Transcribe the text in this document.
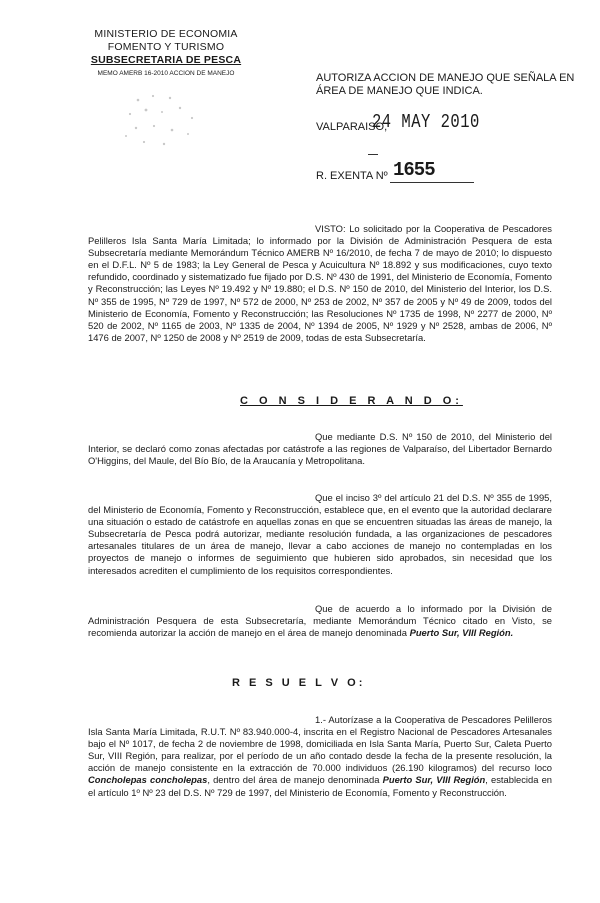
MINISTERIO DE ECONOMIA
FOMENTO Y TURISMO
SUBSECRETARIA DE PESCA
MEMO AMERB 16-2010 ACCION DE MANEJO	AUTORIZA ACCION DE MANEJO QUE SEÑALA EN ÁREA DE MANEJO QUE INDICA.
VALPARAISO,
24 MAY 2010
R. EXENTA Nº 1655
VISTO: Lo solicitado por la Cooperativa de Pescadores Pelilleros Isla Santa María Limitada; lo informado por la División de Administración Pesquera de esta Subsecretaría mediante Memorándum Técnico AMERB Nº 16/2010, de fecha 7 de mayo de 2010; lo dispuesto en el D.F.L. Nº 5 de 1983; la Ley General de Pesca y Acuicultura Nº 18.892 y sus modificaciones, cuyo texto refundido, coordinado y sistematizado fue fijado por D.S. Nº 430 de 1991, del Ministerio de Economía, Fomento y Reconstrucción; las Leyes Nº 19.492 y Nº 19.880; el D.S. Nº 150 de 2010, del Ministerio del Interior, los D.S. Nº 355 de 1995, Nº 729 de 1997, Nº 572 de 2000, Nº 253 de 2002, Nº 357 de 2005 y Nº 49 de 2009, todos del Ministerio de Economía, Fomento y Reconstrucción; las Resoluciones Nº 1735 de 1998, Nº 2277 de 2000, Nº 520 de 2002, Nº 1165 de 2003, Nº 1335 de 2004, Nº 1394 de 2005, Nº 1929 y Nº 2528, ambas de 2006, Nº 1476 de 2007, Nº 1250 de 2008 y Nº 2519 de 2009, todas de esta Subsecretaría.
C O N S I D E R A N D O:
Que mediante D.S. Nº 150 de 2010, del Ministerio del Interior, se declaró como zonas afectadas por catástrofe a las regiones de Valparaíso, del Libertador Bernardo O'Higgins, del Maule, del Bío Bío, de la Araucanía y Metropolitana.
Que el inciso 3º del artículo 21 del D.S. Nº 355 de 1995, del Ministerio de Economía, Fomento y Reconstrucción, establece que, en el evento que la autoridad declarare una situación o estado de catástrofe en aquellas zonas en que se encuentren situadas las áreas de manejo, la Subsecretaría de Pesca podrá autorizar, mediante resolución fundada, a las organizaciones de pescadores artesanales titulares de un área de manejo, llevar a cabo acciones de manejo no contempladas en los proyectos de manejo o informes de seguimiento que hubieren sido aprobados, sin necesidad que los interesados acrediten el cumplimiento de los requisitos correspondientes.
Que de acuerdo a lo informado por la División de Administración Pesquera de esta Subsecretaría, mediante Memorándum Técnico citado en Visto, se recomienda autorizar la acción de manejo en el área de manejo denominada Puerto Sur, VIII Región.
R E S U E L V O:
1.- Autorízase a la Cooperativa de Pescadores Pelilleros Isla Santa María Limitada, R.U.T. Nº 83.940.000-4, inscrita en el Registro Nacional de Pescadores Artesanales bajo el Nº 1017, de fecha 2 de noviembre de 1998, domiciliada en Isla Santa María, Puerto Sur, Caleta Puerto Sur, VIII Región, para realizar, por el período de un año contado desde la fecha de la presente resolución, la acción de manejo consistente en la extracción de 70.000 individuos (26.190 kilogramos) del recurso loco Concholepas concholepas, dentro del área de manejo denominada Puerto Sur, VIII Región, establecida en el artículo 1º Nº 23 del D.S. Nº 729 de 1997, del Ministerio de Economía, Fomento y Reconstrucción.
